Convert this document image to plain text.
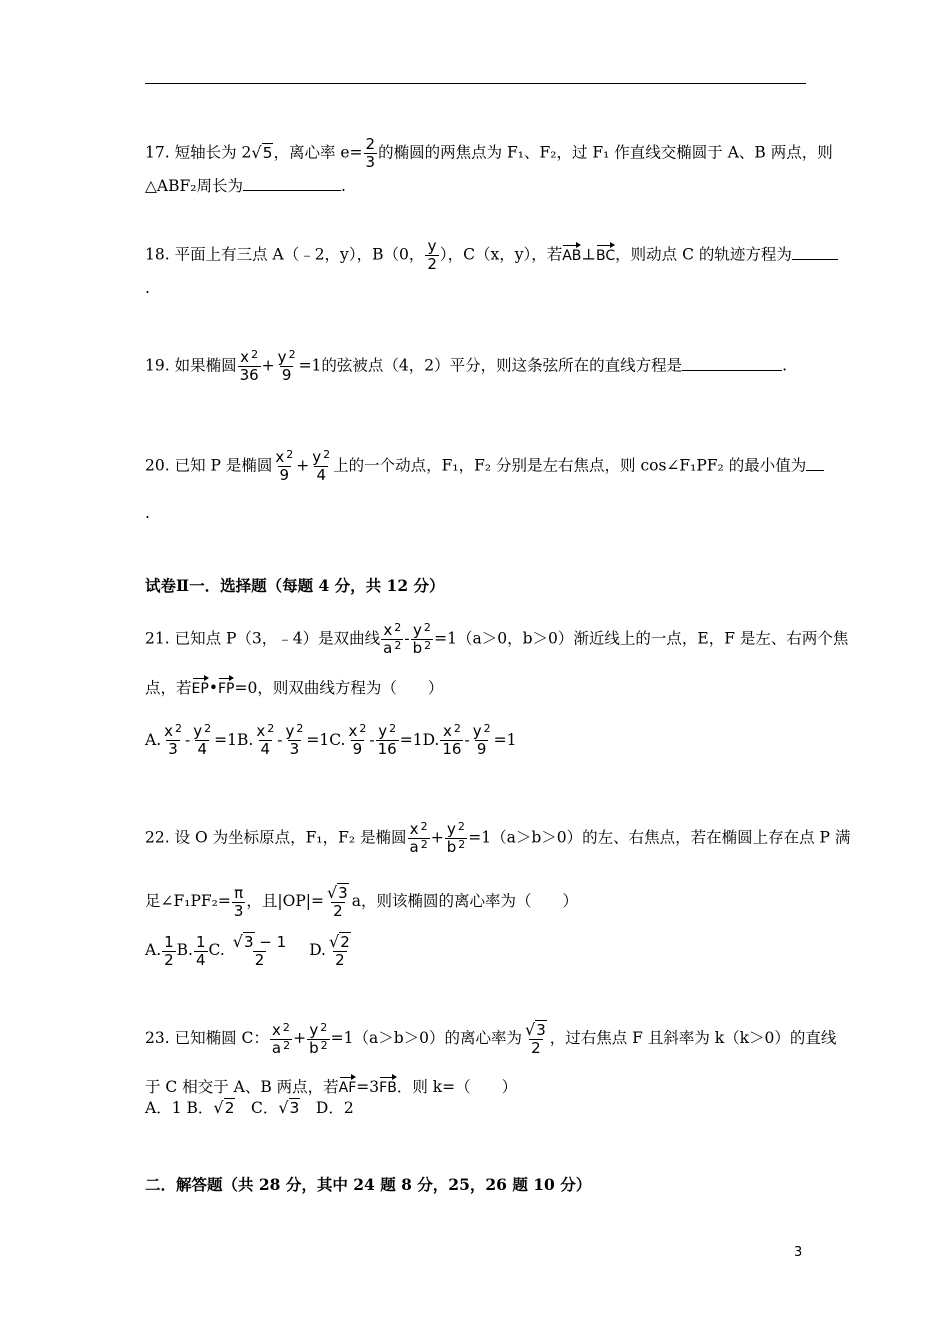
17. 短轴长为 2√5，离心率 $e= \frac{2}{3}$ 的椭圆的两焦点为 F₁、F₂，过 F₁ 作直线交椭圆于 A、B 两点，则
△ABF₂周长为	.
18. 平面上有三点 A（﹣2，y），B（0， $\frac{y}{2}$ ），C（x，y），若AB⊥BC，则动点 C 的轨迹方程为
.
19. 如果椭圆 $\frac{x ^2}{36} + \frac{y ^2}{9} =1$的弦被点（4，2）平分，则这条弦所在的直线方程是	.
20. 已知 P 是椭圆 $\frac{x ^2}{9} + \frac{y ^2}{4}$ 上的一个动点，F₁，F₂ 分别是左右焦点，则 cos∠F₁PF₂ 的最小值为
.
试卷Ⅱ一．选择题（每题 4 分，共 12 分）
21. 已知点 P（3，﹣4）是双曲线 $\frac{x ^2}{a ^2} - \frac{y ^2}{b ^2} =1(a>0$，b＞0）渐近线上的一点，E，F 是左、右两个焦
点，若EP•FP=0，则双曲线方程为（　　）
A. $\frac{x ^2}{3} - \frac{y ^2}{4} =1B$. $\frac{x ^2}{4} - \frac{y ^2}{3} =1C$. $\frac{x ^2}{9} - \frac{y ^2}{16} =1D$. $\frac{x ^2}{16} - \frac{y ^2}{9} =1$
22. 设 O 为坐标原点，F₁，F₂ 是椭圆 $\frac{x ^2}{a ^2} + \frac{y ^2}{b ^2} =1(a>b>0)$的左、右焦点，若在椭圆上存在点 P 满
足∠F₁PF₂= $\frac{\pi}{3}$ ，且$|OP|= \frac{√3}{2}$ a，则该椭圆的离心率为（　　）
A. $\frac{1}{2} B$. $\frac{1}{4} C$. $\frac{√3 - 1}{2} D$. $\frac{√2}{2}$
23. 已知椭圆 C： $\frac{x ^2}{a ^2} + \frac{y ^2}{b ^2} =1(a>b>0)$的离心率为 $\frac{√3}{2}$ ，过右焦点 F 且斜率为 k（k＞0）的直线
于 C 相交于 A、B 两点，若AF=3FB．则 k=（　　）
A．1 B．√2　C．√3　D．2
二．解答题（共 28 分，其中 24 题 8 分，25，26 题 10 分）
3
